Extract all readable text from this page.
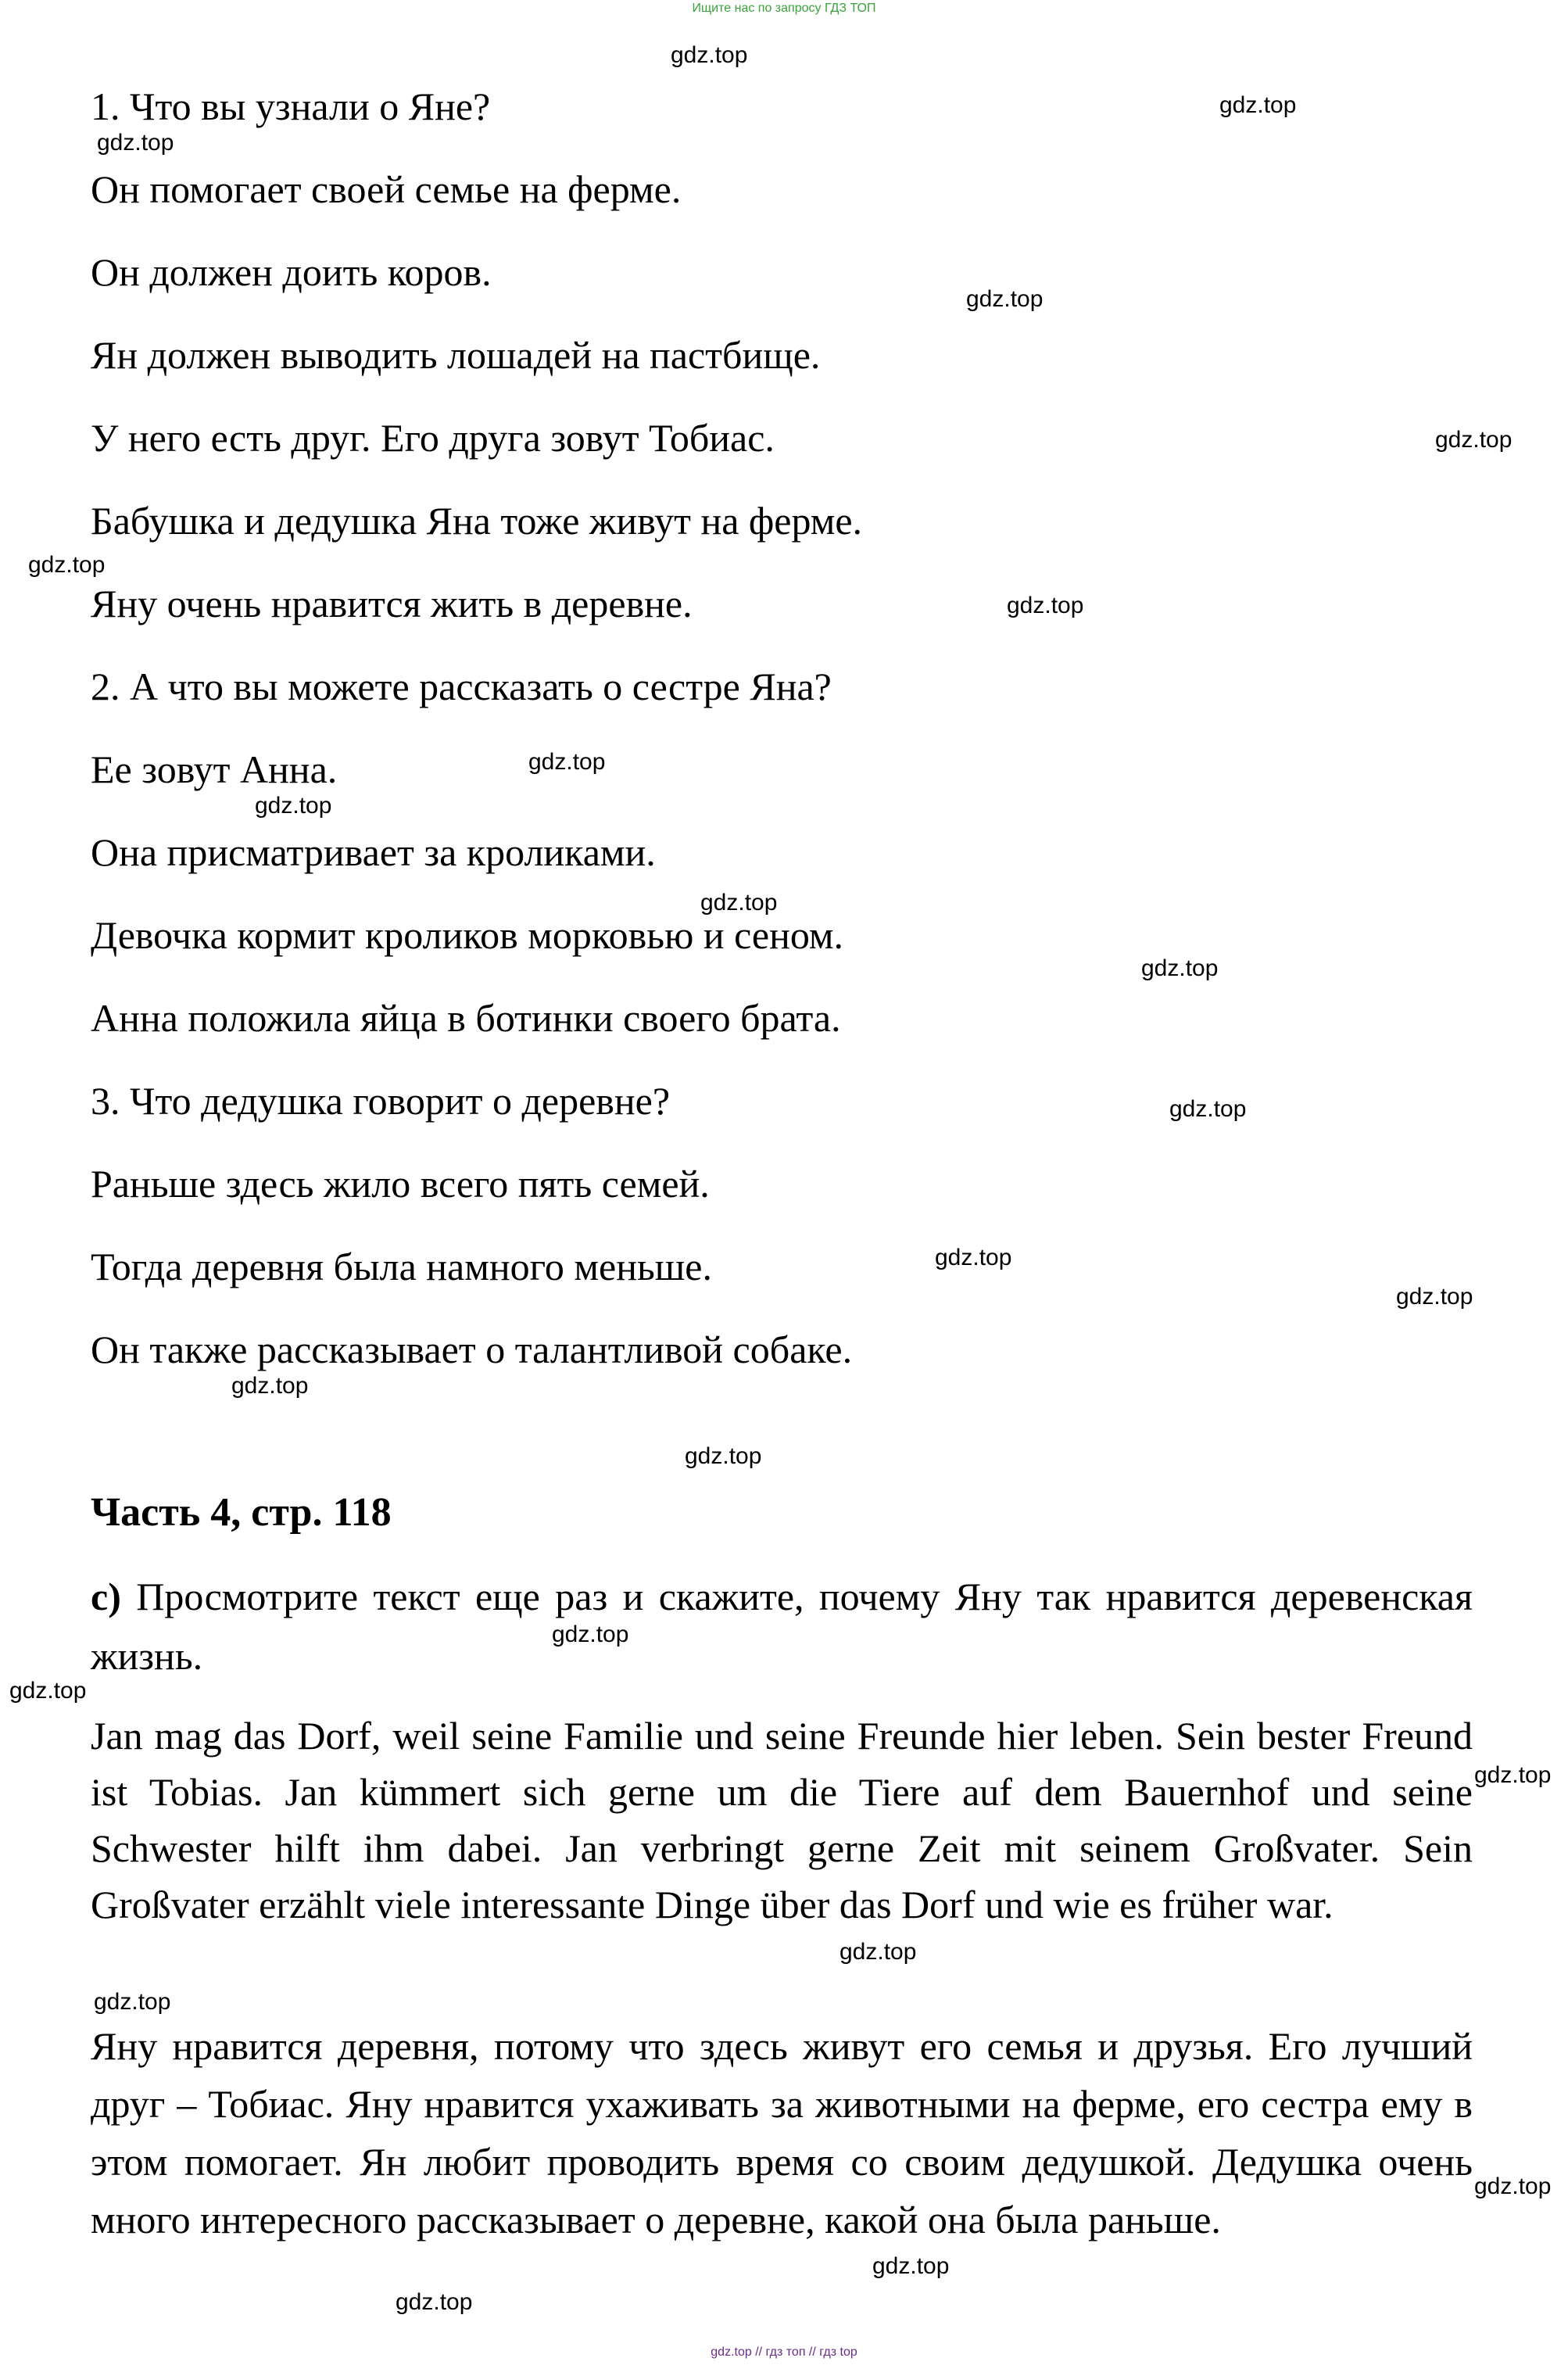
Ищите нас по запросу ГДЗ ТОП
1. Что вы узнали о Яне?
Он помогает своей семье на ферме.
Он должен доить коров.
Ян должен выводить лошадей на пастбище.
У него есть друг. Его друга зовут Тобиас.
Бабушка и дедушка Яна тоже живут на ферме.
Яну очень нравится жить в деревне.
2. А что вы можете рассказать о сестре Яна?
Ее зовут Анна.
Она присматривает за кроликами.
Девочка кормит кроликов морковью и сеном.
Анна положила яйца в ботинки своего брата.
3. Что дедушка говорит о деревне?
Раньше здесь жило всего пять семей.
Тогда деревня была намного меньше.
Он также рассказывает о талантливой собаке.
Часть 4, стр. 118
c) Просмотрите текст еще раз и скажите, почему Яну так нравится деревенская жизнь.
Jan mag das Dorf, weil seine Familie und seine Freunde hier leben. Sein bester Freund ist Tobias. Jan kümmert sich gerne um die Tiere auf dem Bauernhof und seine Schwester hilft ihm dabei. Jan verbringt gerne Zeit mit seinem Großvater. Sein Großvater erzählt viele interessante Dinge über das Dorf und wie es früher war.
Яну нравится деревня, потому что здесь живут его семья и друзья. Его лучший друг – Тобиас. Яну нравится ухаживать за животными на ферме, его сестра ему в этом помогает. Ян любит проводить время со своим дедушкой. Дедушка очень много интересного рассказывает о деревне, какой она была раньше.
gdz.top
gdz.top
gdz.top
gdz.top
gdz.top
gdz.top
gdz.top
gdz.top
gdz.top
gdz.top
gdz.top
gdz.top
gdz.top
gdz.top
gdz.top
gdz.top
gdz.top
gdz.top
gdz.top
gdz.top
gdz.top
gdz.top
gdz.top
gdz.top
gdz.top // гдз топ // гдз top
